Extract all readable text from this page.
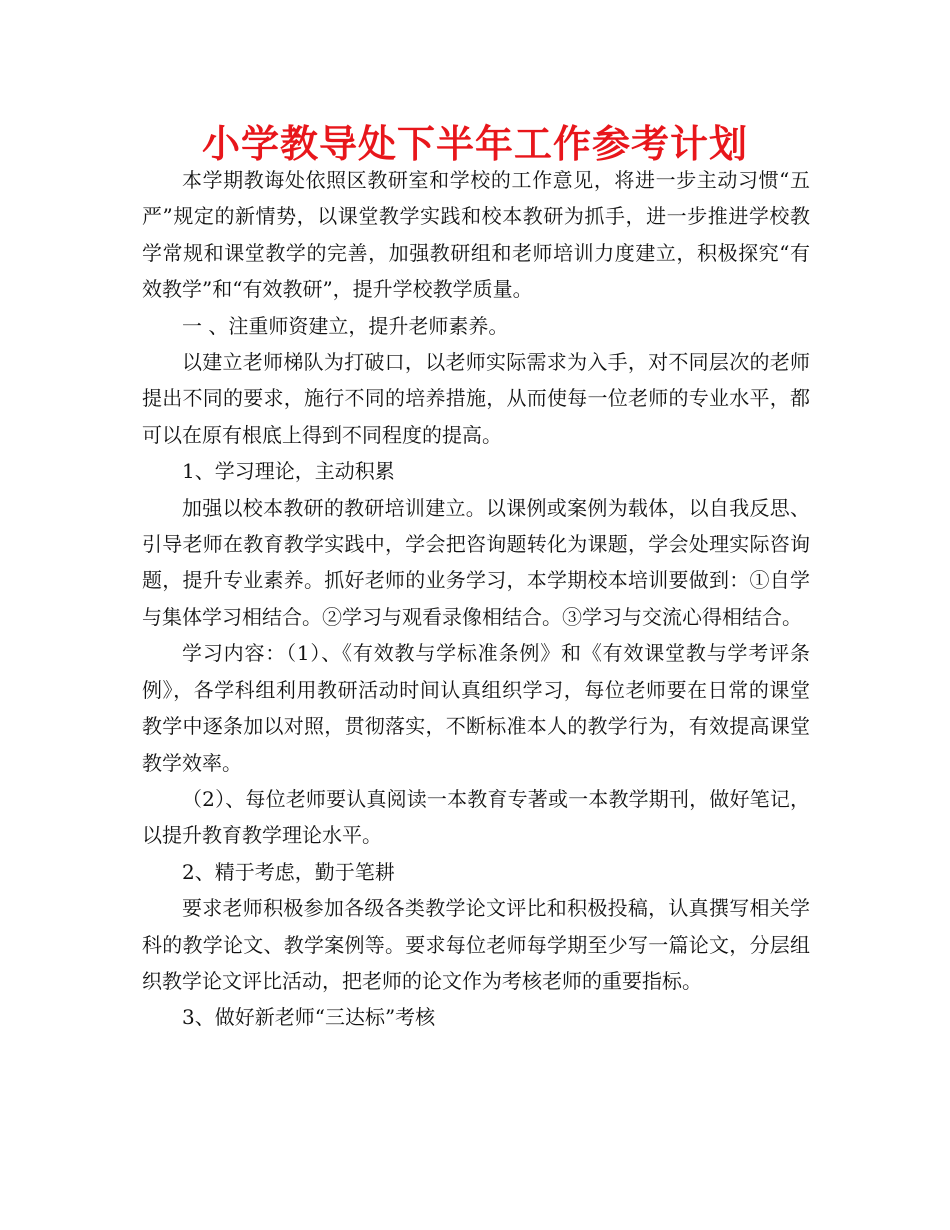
小学教导处下半年工作参考计划

本学期教诲处依照区教研室和学校的工作意见，将进一步主动习惯“五严”规定的新情势，以课堂教学实践和校本教研为抓手，进一步推进学校教学常规和课堂教学的完善，加强教研组和老师培训力度建立，积极探究“有效教学”和“有效教研”，提升学校教学质量。

一 、注重师资建立，提升老师素养。

以建立老师梯队为打破口，以老师实际需求为入手，对不同层次的老师提出不同的要求，施行不同的培养措施，从而使每一位老师的专业水平，都可以在原有根底上得到不同程度的提高。

1、学习理论，主动积累

加强以校本教研的教研培训建立。以课例或案例为载体，以自我反思、引导老师在教育教学实践中，学会把咨询题转化为课题，学会处理实际咨询题，提升专业素养。抓好老师的业务学习，本学期校本培训要做到：①自学与集体学习相结合。②学习与观看录像相结合。③学习与交流心得相结合。

学习内容：（1）、《有效教与学标准条例》和《有效课堂教与学考评条例》，各学科组利用教研活动时间认真组织学习，每位老师要在日常的课堂教学中逐条加以对照，贯彻落实，不断标准本人的教学行为，有效提高课堂教学效率。

（2）、每位老师要认真阅读一本教育专著或一本教学期刊，做好笔记，以提升教育教学理论水平。

2、精于考虑，勤于笔耕

要求老师积极参加各级各类教学论文评比和积极投稿，认真撰写相关学科的教学论文、教学案例等。要求每位老师每学期至少写一篇论文，分层组织教学论文评比活动，把老师的论文作为考核老师的重要指标。

3、做好新老师“三达标”考核
